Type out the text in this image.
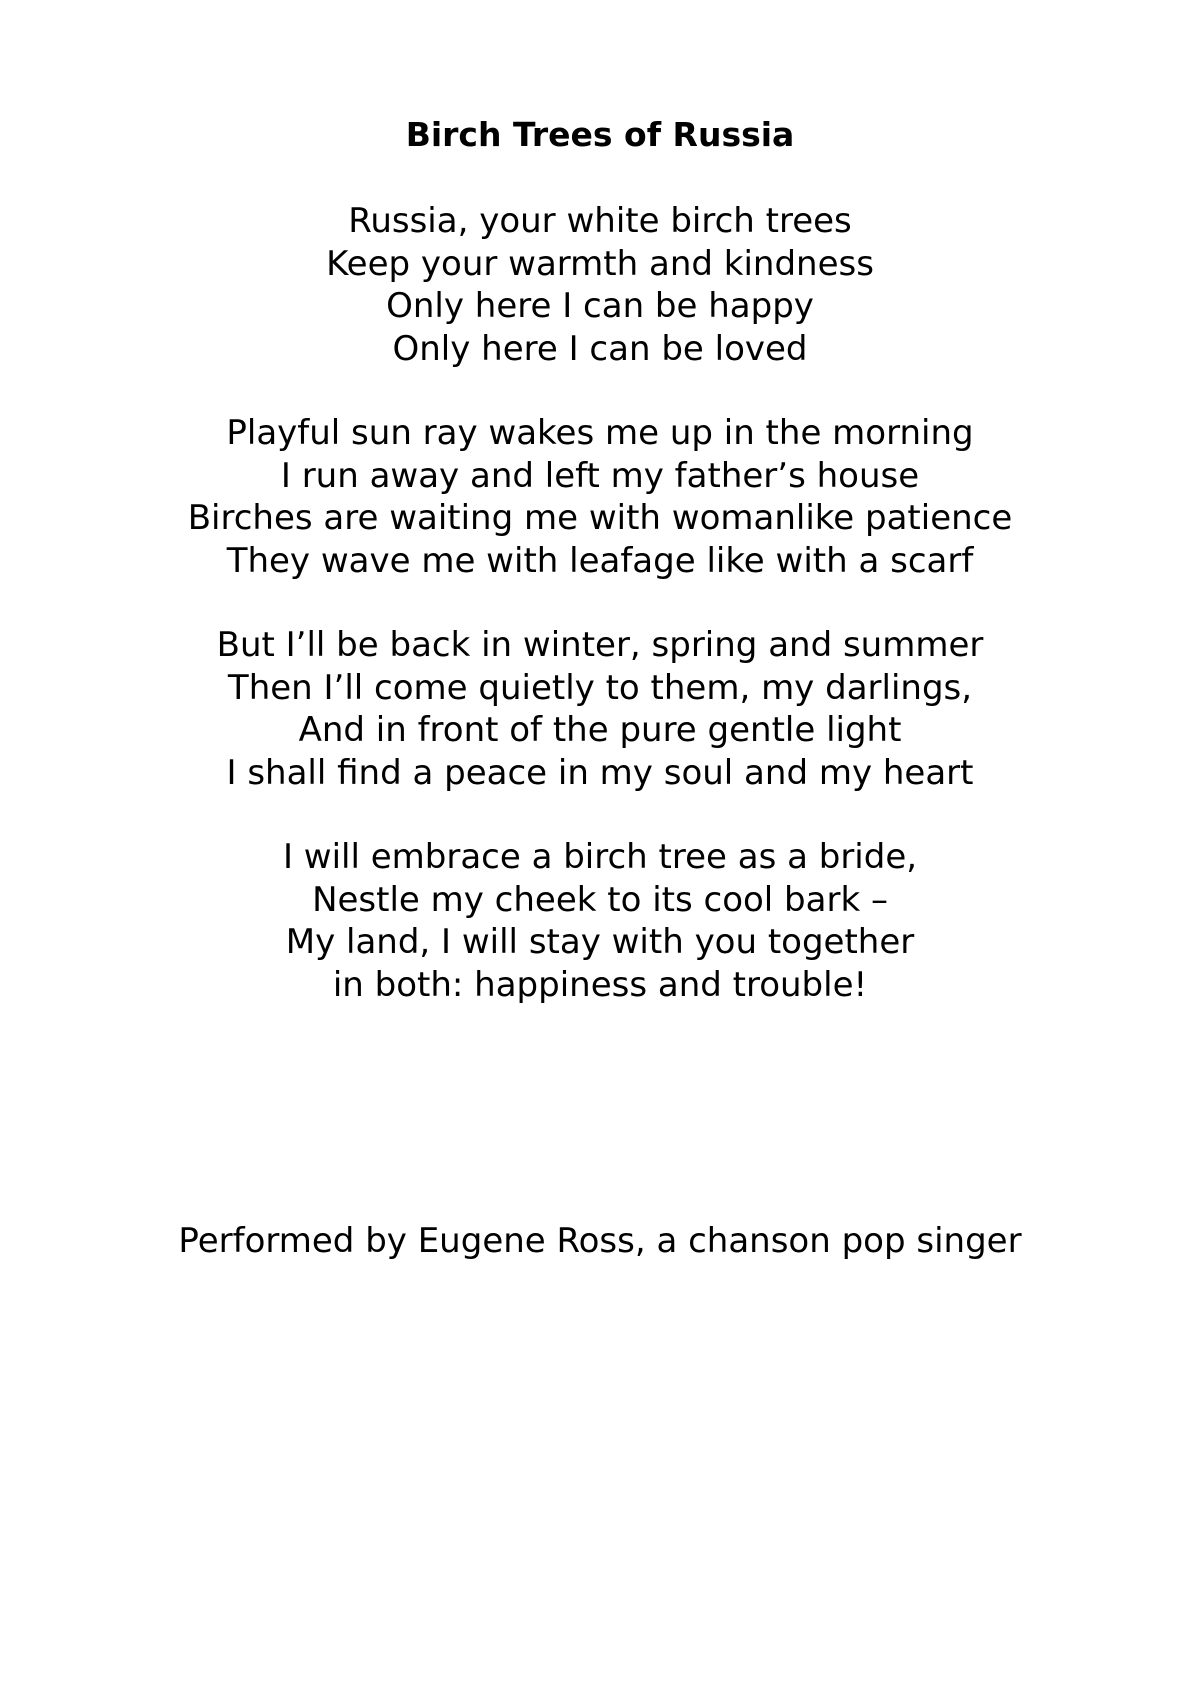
Birch Trees of Russia
Russia, your white birch trees
Keep your warmth and kindness
Only here I can be happy
Only here I can be loved
Playful sun ray wakes me up in the morning
I run away and left my father’s house
Birches are waiting me with womanlike patience
They wave me with leafage like with a scarf
But I’ll be back in winter, spring and summer
Then I’ll come quietly to them, my darlings,
And in front of the pure gentle light
I shall find a peace in my soul and my heart
I will embrace a birch tree as a bride,
Nestle my cheek to its cool bark –
My land, I will stay with you together
in both: happiness and trouble!

Performed by Eugene Ross, a chanson pop singer
